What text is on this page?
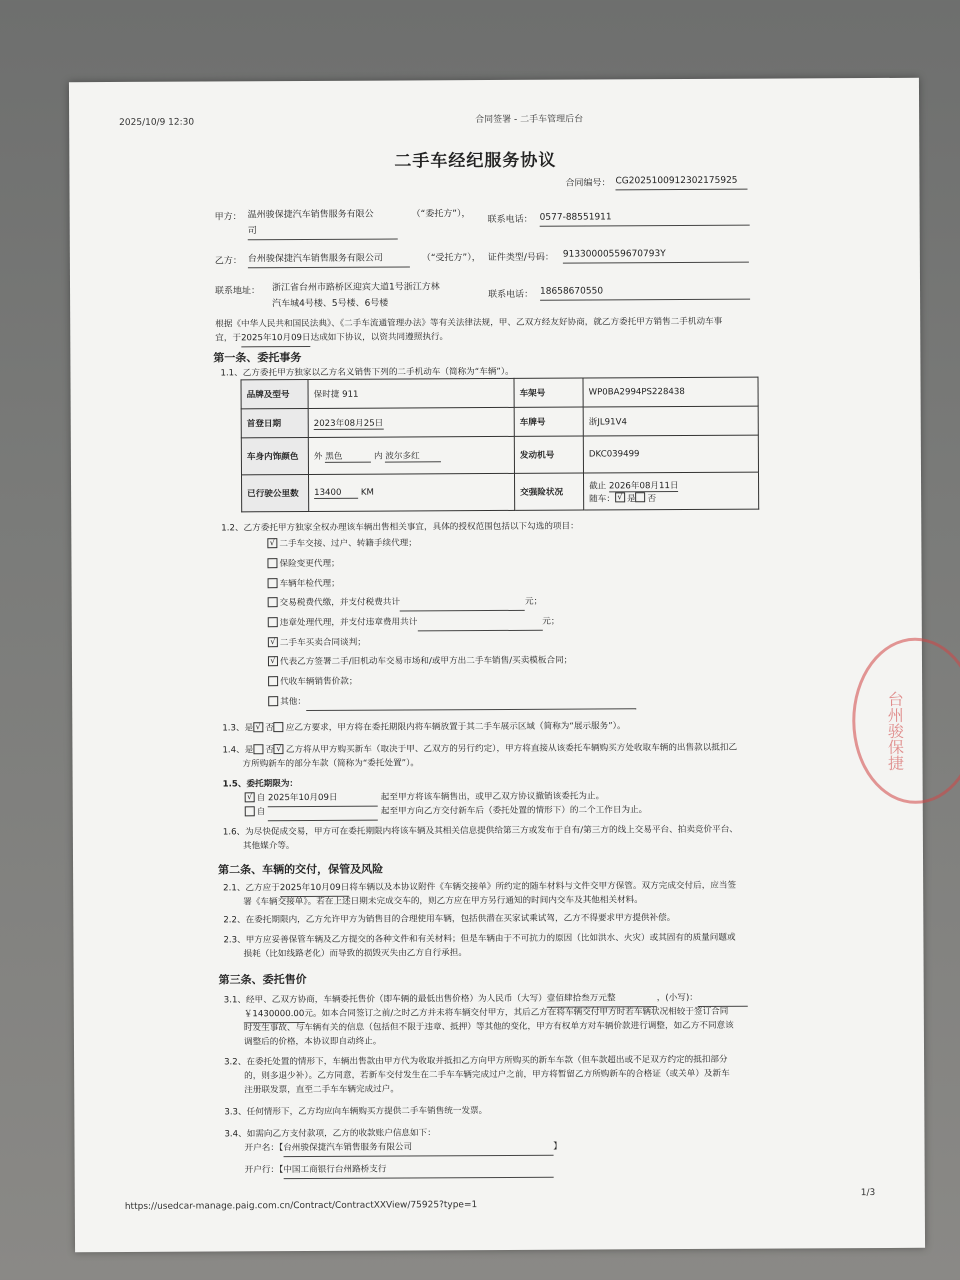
2025/10/9 12:30	合同签署 - 二手车管理后台
二手车经纪服务协议
合同编号： CG2025100912302175925
甲方： 温州骏保捷汽车销售服务有限公
司
（“委托方”），
联系电话： 0577-88551911
乙方： 台州骏保捷汽车销售服务有限公司	（“受托方”）， 证件类型/号码： 91330000559670793Y
联系地址： 浙江省台州市路桥区迎宾大道1号浙江方林
汽车城4号楼、5号楼、6号楼
联系电话： 18658670550
根据《中华人民共和国民法典》、《二手车流通管理办法》等有关法律法规，甲、乙双方经友好协商，就乙方委托甲方销售二手机动车事
宜，于2025年10月09日达成如下协议，以资共同遵照执行。
第一条、委托事务
1.1、乙方委托甲方独家以乙方名义销售下列的二手机动车（简称为“车辆”）。
品牌及型号	保时捷 911	车架号	WP0BA2994PS228438
首登日期	2023年08月25日	车牌号	浙JL91V4
车身内饰颜色	外 黑色 内 波尔多红	发动机号	DKC039499
已行驶公里数	13400 KM	交强险状况	截止 2026年08月11日
随车： √ 是 否
1.2、乙方委托甲方独家全权办理该车辆出售相关事宜，具体的授权范围包括以下勾选的项目：
√二手车交接、过户、转籍手续代理；
保险变更代理；
车辆年检代理；
交易税费代缴，并支付税费共计	元；
违章处理代理，并支付违章费用共计	元；
√二手车买卖合同谈判；
√代表乙方签署二手/旧机动车交易市场和/或甲方出二手车销售/买卖模板合同；
代收车辆销售价款；
其他：
1.3、是 √ 否 应乙方要求，甲方将在委托期限内将车辆放置于其二手车展示区域（简称为“展示服务”）。
1.4、是 否 √ 乙方将从甲方购买新车（取决于甲、乙双方的另行约定），甲方将直接从该委托车辆购买方处收取车辆的出售款以抵扣乙
方所购新车的部分车款（简称为“委托处置”）。
1.5、委托期限为：
√自 2025年10月09日	起至甲方将该车辆售出，或甲乙双方协议撤销该委托为止。
自	起至甲方向乙方交付新车后（委托处置的情形下）的二个工作日为止。
1.6、为尽快促成交易，甲方可在委托期限内将该车辆及其相关信息提供给第三方或发布于自有/第三方的线上交易平台、拍卖竞价平台、
其他媒介等。
第二条、车辆的交付，保管及风险
2.1、乙方应于2025年10月09日将车辆以及本协议附件《车辆交接单》所约定的随车材料与文件交甲方保管。双方完成交付后，应当签
署《车辆交接单》。若在上述日期未完成交车的，则乙方应在甲方另行通知的时间内交车及其他相关材料。
2.2、在委托期限内，乙方允许甲方为销售目的合理使用车辆，包括供潜在买家试乘试驾，乙方不得要求甲方提供补偿。
2.3、甲方应妥善保管车辆及乙方提交的各种文件和有关材料；但是车辆由于不可抗力的原因（比如洪水、火灾）或其固有的质量问题或
损耗（比如线路老化）而导致的损毁灭失由乙方自行承担。
第三条、委托售价
3.1、经甲、乙双方协商，车辆委托售价（即车辆的最低出售价格）为人民币（大写）壹佰肆拾叁万元整	，(小写)：
￥1430000.00元。如本合同签订之前/之时乙方并未将车辆交付甲方，其后乙方在将车辆交付甲方时若车辆状况相较于签订合同
时发生事故、与车辆有关的信息（包括但不限于违章、抵押）等其他的变化，甲方有权单方对车辆价款进行调整，如乙方不同意该
调整后的价格，本协议即自动终止。
3.2、在委托处置的情形下，车辆出售款由甲方代为收取并抵扣乙方向甲方所购买的新车车款（但车款超出或不足双方约定的抵扣部分
的，则多退少补）。乙方同意，若新车交付发生在二手车车辆完成过户之前，甲方将暂留乙方所购新车的合格证（或关单）及新车
注册联发票，直至二手车车辆完成过户。
3.3、任何情形下，乙方均应向车辆购买方提供二手车销售统一发票。
3.4、如需向乙方支付款项，乙方的收款账户信息如下：
开户名：【台州骏保捷汽车销售服务有限公司	】
开户行：【中国工商银行台州路桥支行
https://usedcar-manage.paig.com.cn/Contract/ContractXXView/75925?type=1
1/3
台州骏保捷
